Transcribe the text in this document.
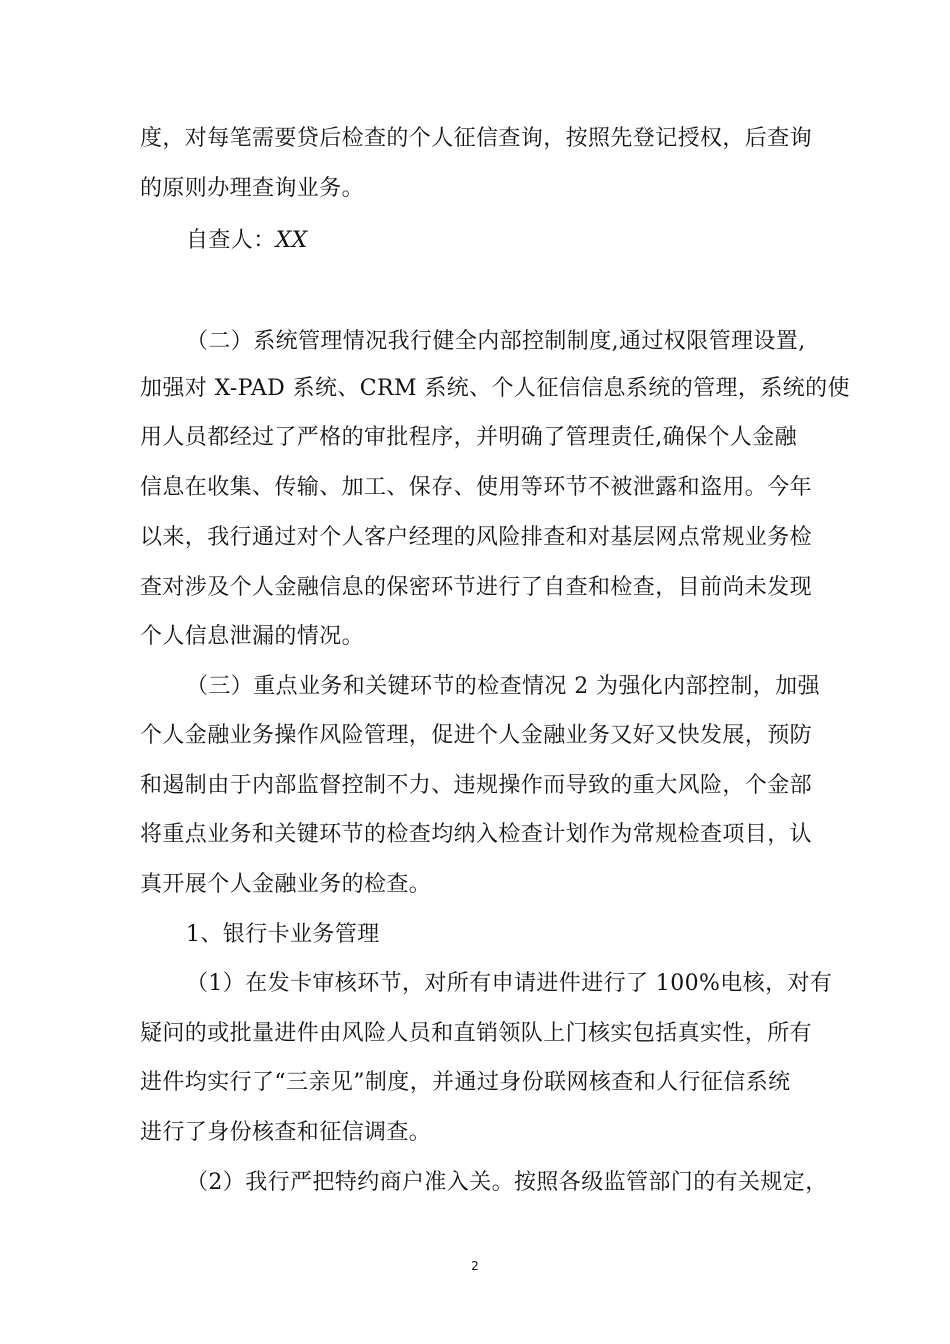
度，对每笔需要贷后检查的个人征信查询，按照先登记授权，后查询
的原则办理查询业务。
自查人：XX
（二）系统管理情况我行健全内部控制制度,通过权限管理设置,
加强对 X-PAD 系统、CRM 系统、个人征信信息系统的管理，系统的使
用人员都经过了严格的审批程序，并明确了管理责任,确保个人金融
信息在收集、传输、加工、保存、使用等环节不被泄露和盗用。今年
以来，我行通过对个人客户经理的风险排查和对基层网点常规业务检
查对涉及个人金融信息的保密环节进行了自查和检查，目前尚未发现
个人信息泄漏的情况。
（三）重点业务和关键环节的检查情况 2 为强化内部控制，加强
个人金融业务操作风险管理，促进个人金融业务又好又快发展，预防
和遏制由于内部监督控制不力、违规操作而导致的重大风险，个金部
将重点业务和关键环节的检查均纳入检查计划作为常规检查项目，认
真开展个人金融业务的检查。
1、银行卡业务管理
（1）在发卡审核环节，对所有申请进件进行了 100%电核，对有
疑问的或批量进件由风险人员和直销领队上门核实包括真实性，所有
进件均实行了“三亲见”制度，并通过身份联网核查和人行征信系统
进行了身份核查和征信调查。
（2）我行严把特约商户准入关。按照各级监管部门的有关规定，
2
